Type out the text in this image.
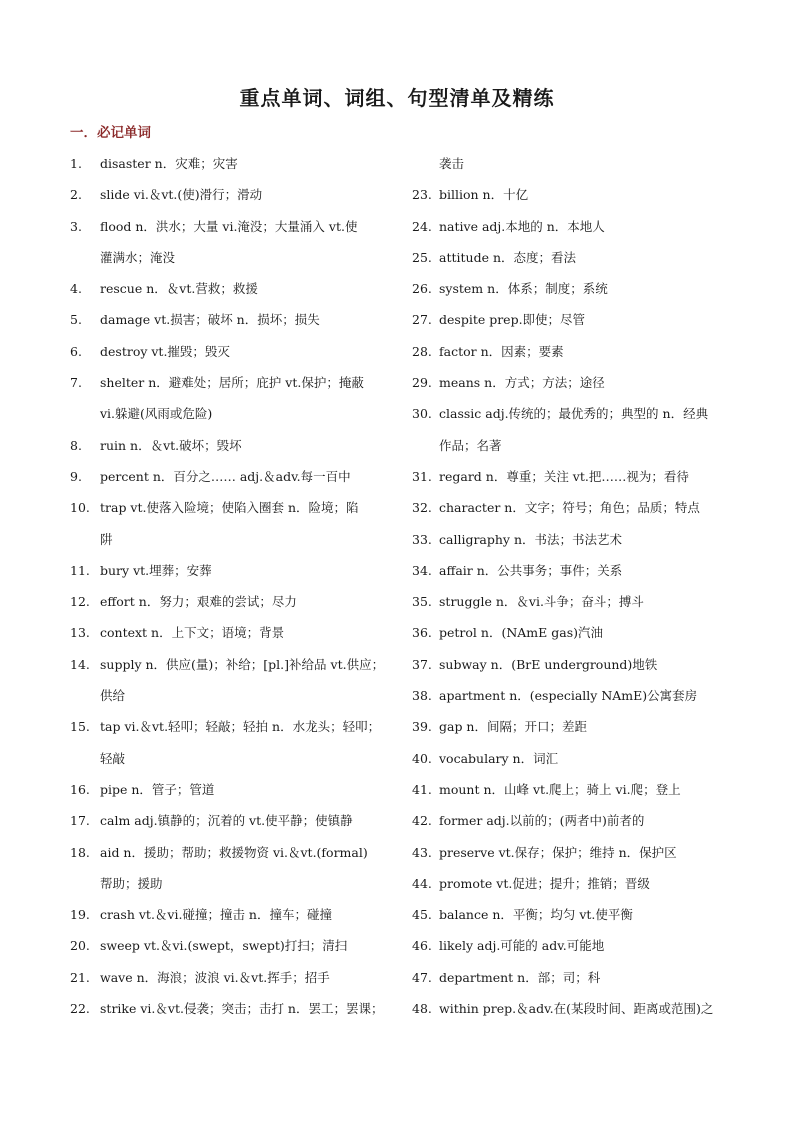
重点单词、词组、句型清单及精练
一．必记单词
1.	disaster n．灾难；灾害
2.	slide vi.＆vt.(使)滑行；滑动
3.	flood n．洪水；大量 vi.淹没；大量涌入 vt.使
灌满水；淹没
4.	rescue n．＆vt.营救；救援
5.	damage vt.损害；破坏 n．损坏；损失
6.	destroy vt.摧毁；毁灭
7.	shelter n．避难处；居所；庇护 vt.保护；掩蔽
vi.躲避(风雨或危险)
8.	ruin n．＆vt.破坏；毁坏
9.	percent n．百分之…… adj.＆adv.每一百中
10. trap vt.使落入险境；使陷入圈套 n．险境；陷
阱
11. bury vt.埋葬；安葬
12. effort n．努力；艰难的尝试；尽力
13. context n．上下文；语境；背景
14. supply n．供应(量)；补给；[pl.]补给品 vt.供应；
供给
15. tap vi.＆vt.轻叩；轻敲；轻拍 n．水龙头；轻叩；
轻敲
16. pipe n．管子；管道
17. calm adj.镇静的；沉着的 vt.使平静；使镇静
18. aid n．援助；帮助；救援物资 vi.＆vt.(formal)
帮助；援助
19. crash vt.＆vi.碰撞；撞击 n．撞车；碰撞
20. sweep vt.＆vi.(swept，swept)打扫；清扫
21. wave n．海浪；波浪 vi.＆vt.挥手；招手
22. strike vi.＆vt.侵袭；突击；击打 n．罢工；罢课；
袭击
23. billion n．十亿
24. native adj.本地的 n．本地人
25. attitude n．态度；看法
26. system n．体系；制度；系统
27. despite prep.即使；尽管
28. factor n．因素；要素
29. means n．方式；方法；途径
30. classic adj.传统的；最优秀的；典型的 n．经典
作品；名著
31. regard n．尊重；关注 vt.把……视为；看待
32. character n．文字；符号；角色；品质；特点
33. calligraphy n．书法；书法艺术
34. affair n．公共事务；事件；关系
35. struggle n．＆vi.斗争；奋斗；搏斗
36. petrol n．(NAmE gas)汽油
37. subway n．(BrE underground)地铁
38. apartment n．(especially NAmE)公寓套房
39. gap n．间隔；开口；差距
40. vocabulary n．词汇
41. mount n．山峰 vt.爬上；骑上 vi.爬；登上
42. former adj.以前的；(两者中)前者的
43. preserve vt.保存；保护；维持 n．保护区
44. promote vt.促进；提升；推销；晋级
45. balance n．平衡；均匀 vt.使平衡
46. likely adj.可能的 adv.可能地
47. department n．部；司；科
48. within prep.＆adv.在(某段时间、距离或范围)之
